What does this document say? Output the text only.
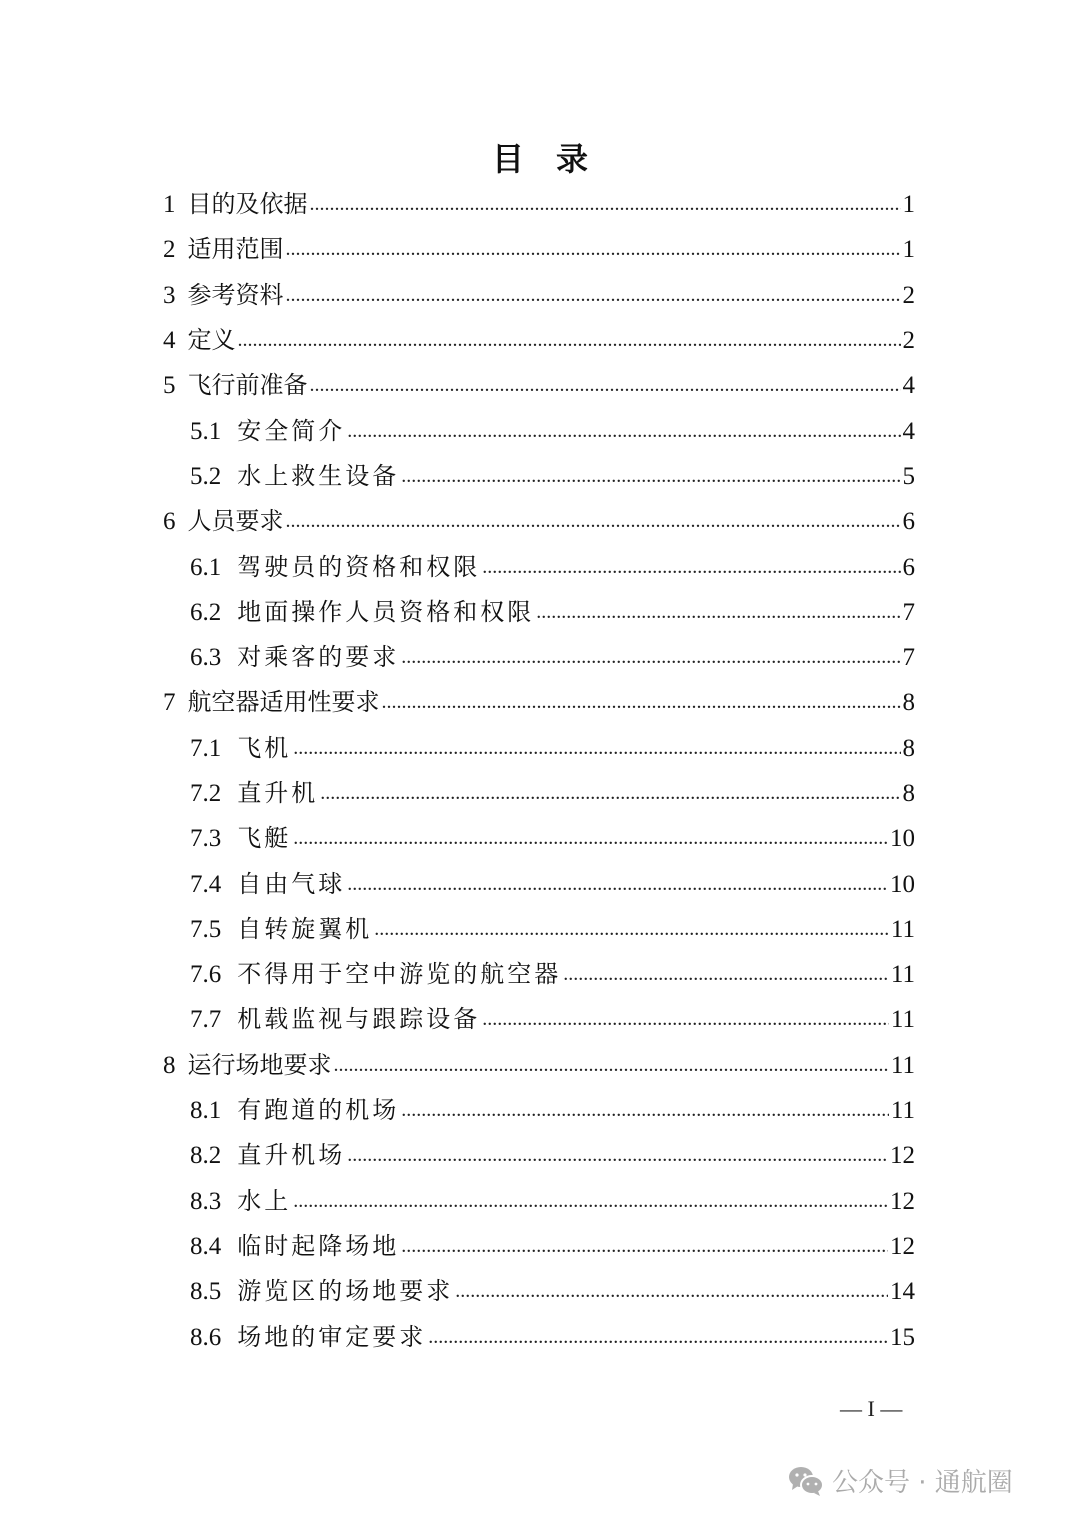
目　录
1 目的及依据 .....	1
2 适用范围 .....	1
3 参考资料 .....	2
4 定义 .....	2
5 飞行前准备 .....	4
5.1 安全简介 .....	4
5.2 水上救生设备 .....	5
6 人员要求 .....	6
6.1 驾驶员的资格和权限 .....	6
6.2 地面操作人员资格和权限 .....	7
6.3 对乘客的要求 .....	7
7 航空器适用性要求 .....	8
7.1 飞机 .....	8
7.2 直升机 .....	8
7.3 飞艇 .....	10
7.4 自由气球 .....	10
7.5 自转旋翼机 .....	11
7.6 不得用于空中游览的航空器 .....	11
7.7 机载监视与跟踪设备 .....	11
8 运行场地要求 .....	11
8.1 有跑道的机场 .....	11
8.2 直升机场 .....	12
8.3 水上 .....	12
8.4 临时起降场地 .....	12
8.5 游览区的场地要求 .....	14
8.6 场地的审定要求 .....	15
— I —
公众号 · 通航圈
